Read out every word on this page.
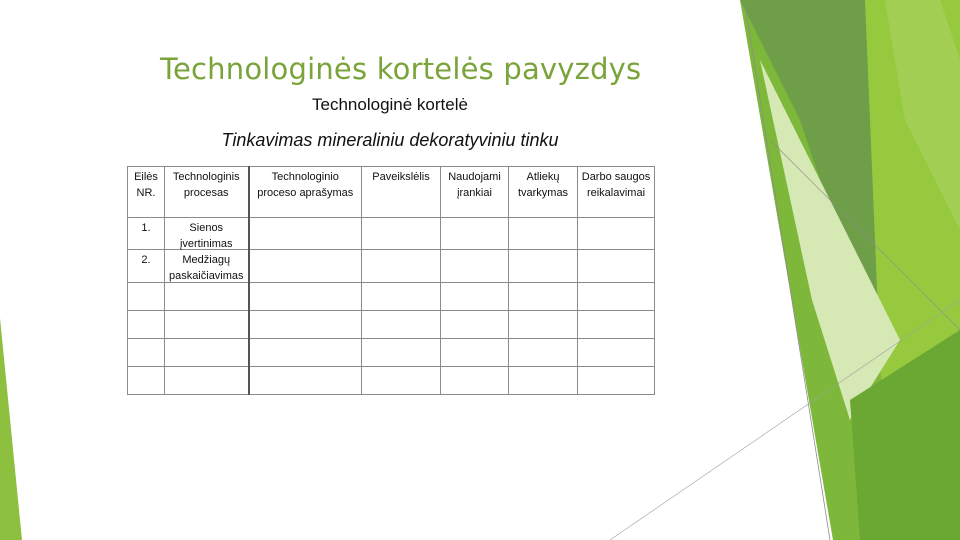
Technologinės kortelės pavyzdys
Technologinė kortelė
Tinkavimas mineraliniu dekoratyviniu tinku
Eilės NR.	Technologinis procesas	Technologinio proceso aprašymas	Paveikslėlis	Naudojami įrankiai	Atliekų tvarkymas	Darbo saugos reikalavimai
1.	Sienos įvertinimas					

2.	Medžiagų paskaičiavimas					
